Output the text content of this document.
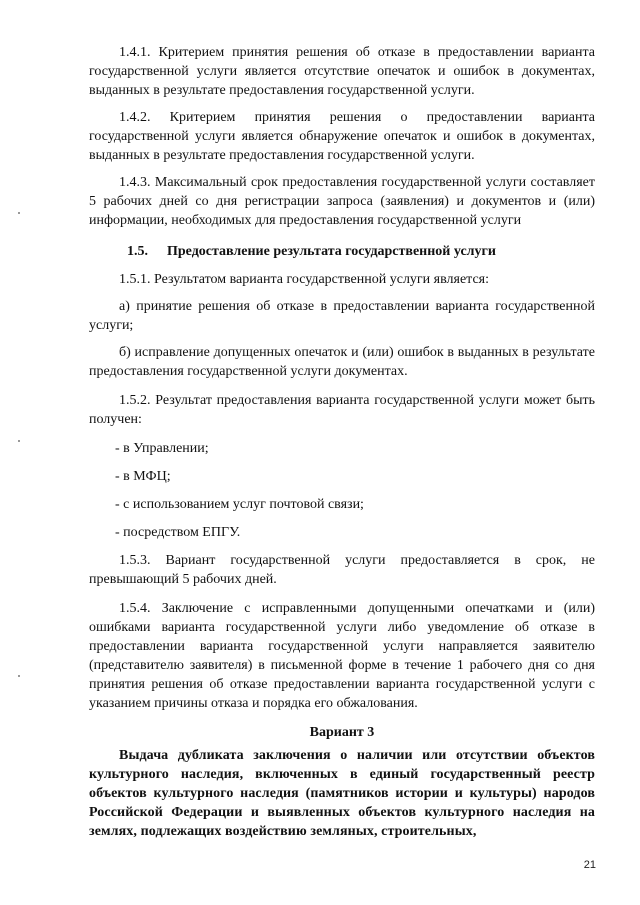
1.4.1. Критерием принятия решения об отказе в предоставлении варианта государственной услуги является отсутствие опечаток и ошибок в документах, выданных в результате предоставления государственной услуги.

1.4.2. Критерием принятия решения о предоставлении варианта государственной услуги является обнаружение опечаток и ошибок в документах, выданных в результате предоставления государственной услуги.

1.4.3. Максимальный срок предоставления государственной услуги составляет 5 рабочих дней со дня регистрации запроса (заявления) и документов и (или) информации, необходимых для предоставления государственной услуги

1.5. Предоставление результата государственной услуги

1.5.1. Результатом варианта государственной услуги является:

а) принятие решения об отказе в предоставлении варианта государственной услуги;

б) исправление допущенных опечаток и (или) ошибок в выданных в результате предоставления государственной услуги документах.

1.5.2. Результат предоставления варианта государственной услуги может быть получен:

- в Управлении;

- в МФЦ;

- с использованием услуг почтовой связи;

- посредством ЕПГУ.

1.5.3. Вариант государственной услуги предоставляется в срок, не превышающий 5 рабочих дней.

1.5.4. Заключение с исправленными допущенными опечатками и (или) ошибками варианта государственной услуги либо уведомление об отказе в предоставлении варианта государственной услуги направляется заявителю (представителю заявителя) в письменной форме в течение 1 рабочего дня со дня принятия решения об отказе предоставлении варианта государственной услуги с указанием причины отказа и порядка его обжалования.

Вариант 3

Выдача дубликата заключения о наличии или отсутствии объектов культурного наследия, включенных в единый государственный реестр объектов культурного наследия (памятников истории и культуры) народов Российской Федерации и выявленных объектов культурного наследия на землях, подлежащих воздействию земляных, строительных,

21
